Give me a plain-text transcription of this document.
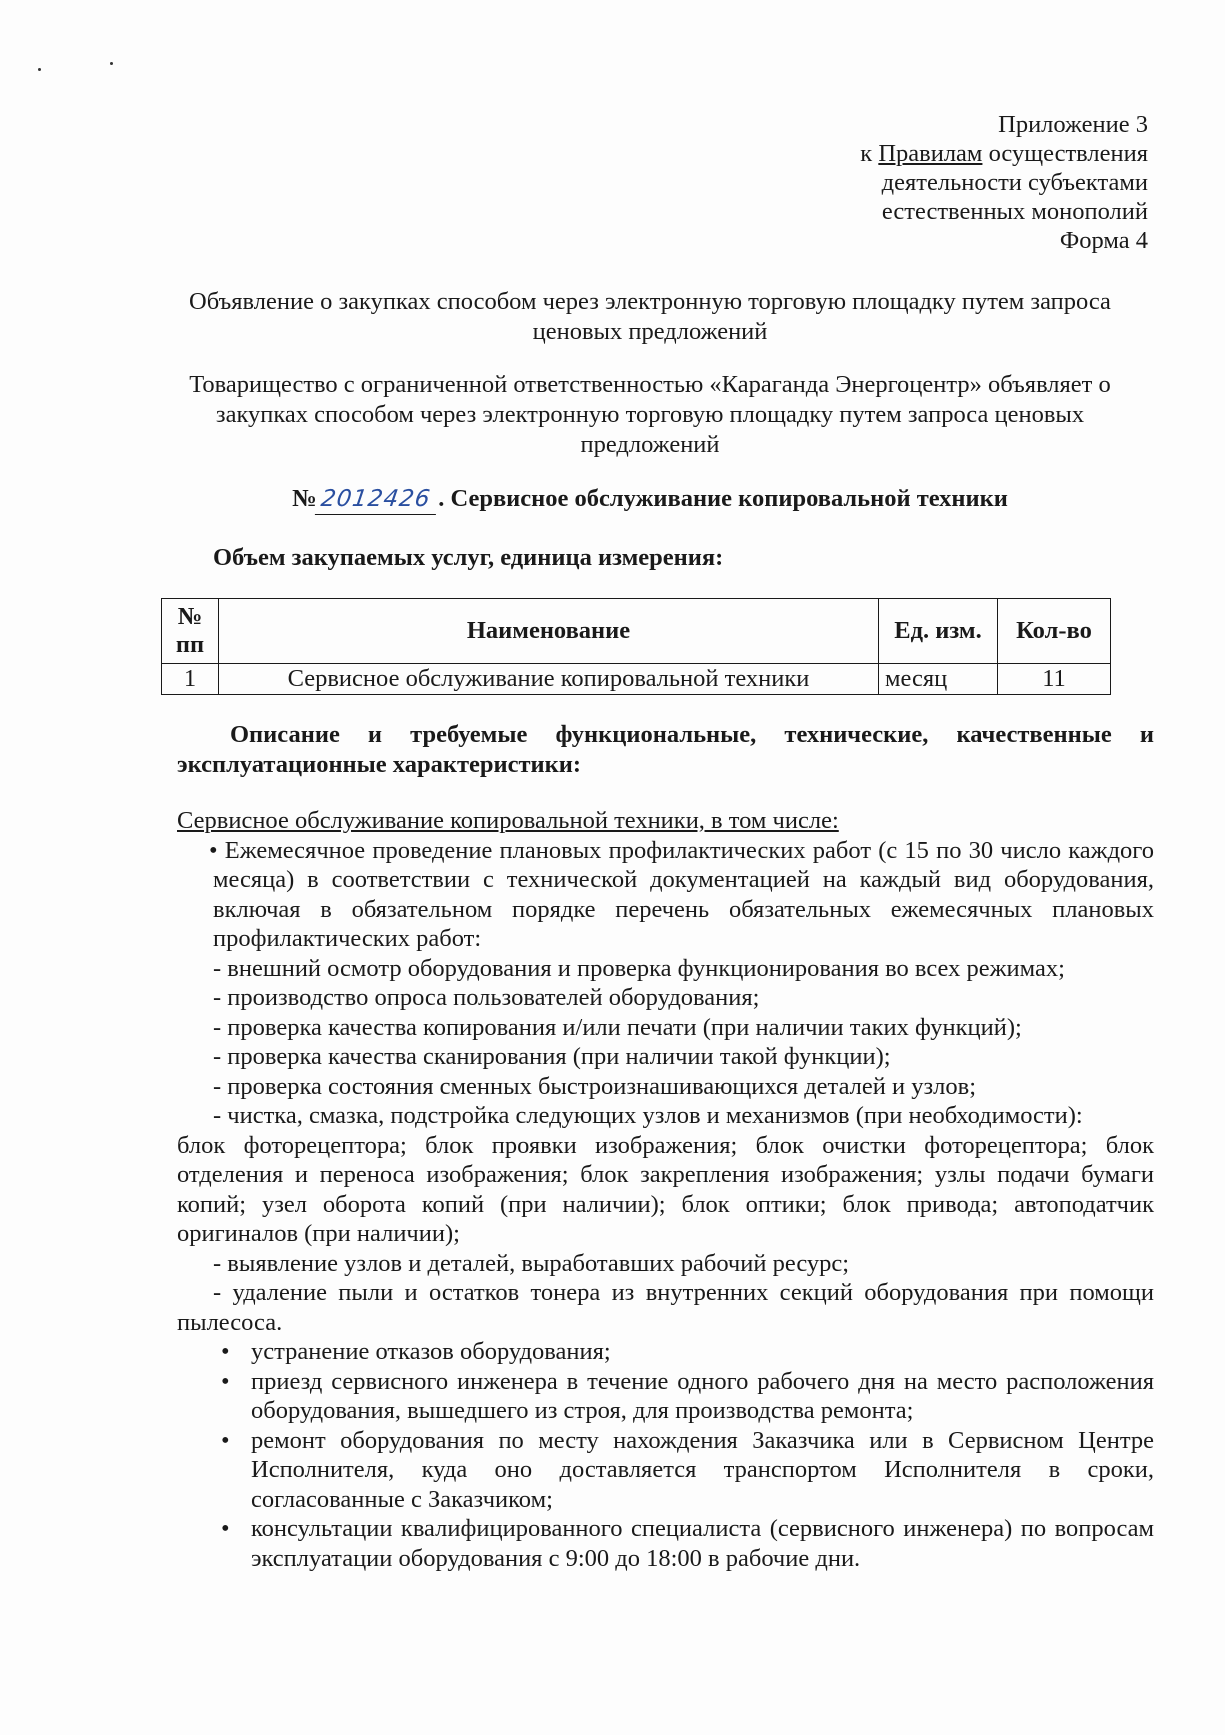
Приложение 3
к Правилам осуществления
деятельности субъектами
естественных монополий
Форма 4
Объявление о закупках способом через электронную торговую площадку путем запроса ценовых предложений
Товарищество с ограниченной ответственностью «Караганда Энергоцентр» объявляет о закупках способом через электронную торговую площадку путем запроса ценовых предложений
№2012426 . Сервисное обслуживание копировальной техники
Объем закупаемых услуг, единица измерения:
№ пп	Наименование	Ед. изм.	Кол-во
1	Сервисное обслуживание копировальной техники	месяц	11
Описание и требуемые функциональные, технические, качественные и
эксплуатационные характеристики:
Сервисное обслуживание копировальной техники, в том числе:
• Ежемесячное проведение плановых профилактических работ (с 15 по 30 число каждого месяца) в соответствии с технической документацией на каждый вид оборудования, включая в обязательном порядке перечень обязательных ежемесячных плановых профилактических работ:
- внешний осмотр оборудования и проверка функционирования во всех режимах;
- производство опроса пользователей оборудования;
- проверка качества копирования и/или печати (при наличии таких функций);
- проверка качества сканирования (при наличии такой функции);
- проверка состояния сменных быстроизнашивающихся деталей и узлов;
- чистка, смазка, подстройка следующих узлов и механизмов (при необходимости):
блок фоторецептора; блок проявки изображения; блок очистки фоторецептора; блок отделения и переноса изображения; блок закрепления изображения; узлы подачи бумаги копий; узел оборота копий (при наличии); блок оптики; блок привода; автоподатчик оригиналов (при наличии);
- выявление узлов и деталей, выработавших рабочий ресурс;
- удаление пыли и остатков тонера из внутренних секций оборудования при помощи пылесоса.
• устранение отказов оборудования;
• приезд сервисного инженера в течение одного рабочего дня на место расположения оборудования, вышедшего из строя, для производства ремонта;
• ремонт оборудования по месту нахождения Заказчика или в Сервисном Центре Исполнителя, куда оно доставляется транспортом Исполнителя в сроки, согласованные с Заказчиком;
• консультации квалифицированного специалиста (сервисного инженера) по вопросам эксплуатации оборудования с 9:00 до 18:00 в рабочие дни.
